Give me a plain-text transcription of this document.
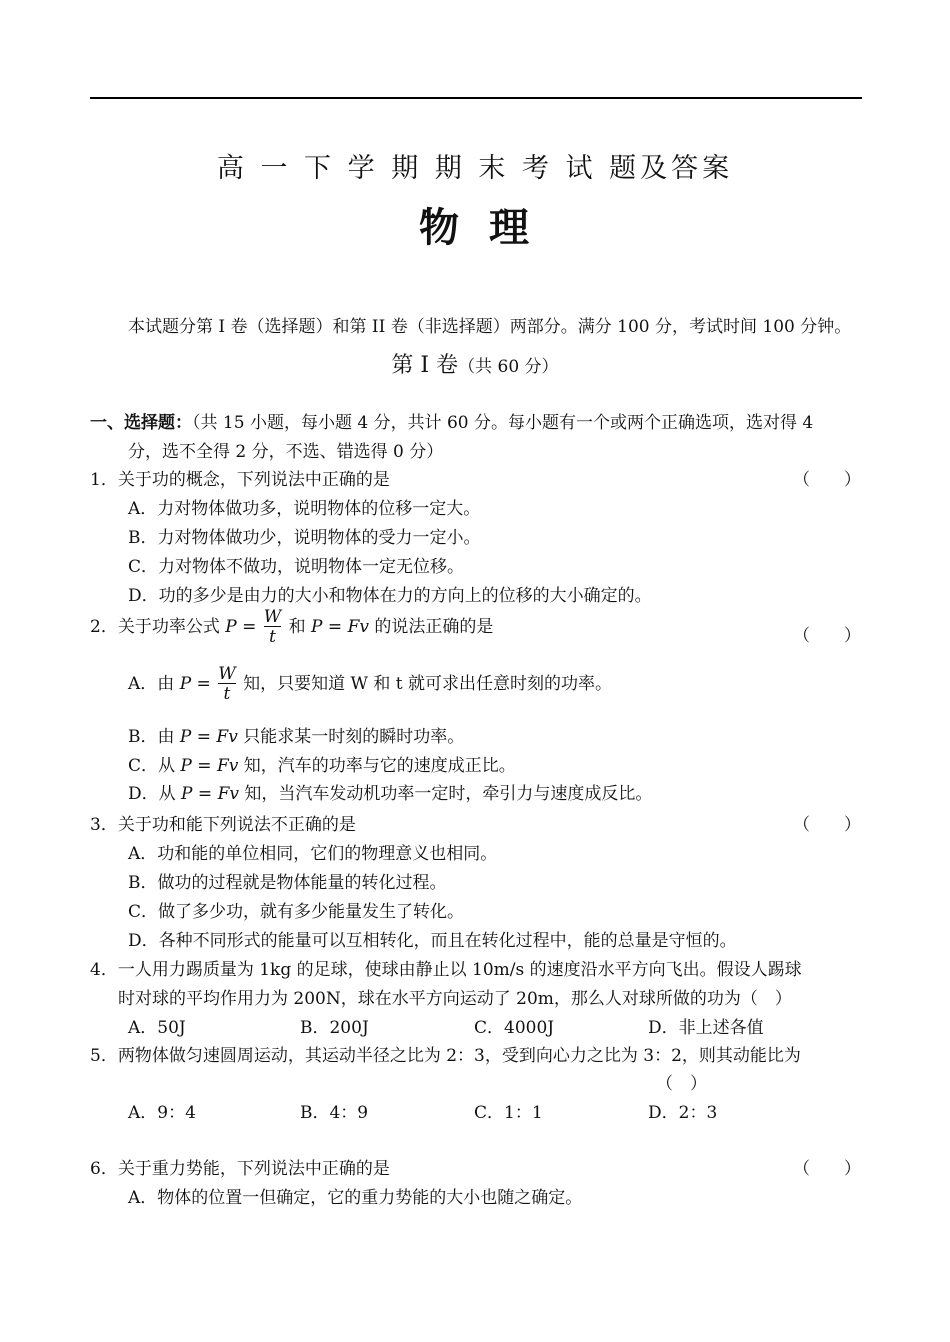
高 一 下 学 期 期 末 考 试 题及答案
物理
本试题分第 I 卷（选择题）和第 II 卷（非选择题）两部分。满分 100 分，考试时间 100 分钟。
第 I 卷（共 60 分）
一、选择题：（共 15 小题，每小题 4 分，共计 60 分。每小题有一个或两个正确选项，选对得 4
分，选不全得 2 分，不选、错选得 0 分）
1．关于功的概念，下列说法中正确的是	（　　）
A．力对物体做功多，说明物体的位移一定大。
B．力对物体做功少，说明物体的受力一定小。
C．力对物体不做功，说明物体一定无位移。
D．功的多少是由力的大小和物体在力的方向上的位移的大小确定的。
2．关于功率公式 $P = \frac{W}{t}$ 和 P = Fv 的说法正确的是	（　　）
A．由 $P = \frac{W}{t}$ 知，只要知道 W 和 t 就可求出任意时刻的功率。
B．由 P = Fv 只能求某一时刻的瞬时功率。
C．从 P = Fv 知，汽车的功率与它的速度成正比。
D．从 P = Fv 知，当汽车发动机功率一定时，牵引力与速度成反比。
3．关于功和能下列说法不正确的是	（　　）
A．功和能的单位相同，它们的物理意义也相同。
B．做功的过程就是物体能量的转化过程。
C．做了多少功，就有多少能量发生了转化。
D．各种不同形式的能量可以互相转化，而且在转化过程中，能的总量是守恒的。
4．一人用力踢质量为 1kg 的足球，使球由静止以 10m/s 的速度沿水平方向飞出。假设人踢球
时对球的平均作用力为 200N，球在水平方向运动了 20m，那么人对球所做的功为（　）
A．50J	B．200J	C．4000J	D．非上述各值
5．两物体做匀速圆周运动，其运动半径之比为 2：3，受到向心力之比为 3：2，则其动能比为
（　）
A．9：4	B．4：9	C．1：1	D．2：3
6．关于重力势能，下列说法中正确的是	（　　）
A．物体的位置一但确定，它的重力势能的大小也随之确定。
